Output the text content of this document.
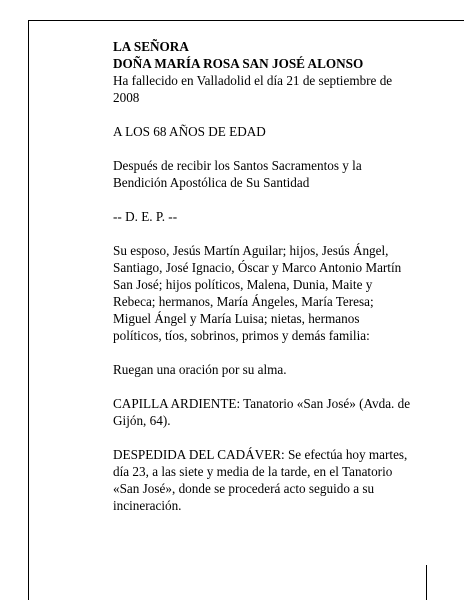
LA SEÑORA
DOÑA MARÍA ROSA SAN JOSÉ ALONSO
Ha fallecido en Valladolid el día 21 de septiembre de
2008
A LOS 68 AÑOS DE EDAD
Después de recibir los Santos Sacramentos y la
Bendición Apostólica de Su Santidad
-- D. E. P. --
Su esposo, Jesús Martín Aguilar; hijos, Jesús Ángel,
Santiago, José Ignacio, Óscar y Marco Antonio Martín
San José; hijos políticos, Malena, Dunia, Maite y
Rebeca; hermanos, María Ángeles, María Teresa;
Miguel Ángel y María Luisa; nietas, hermanos
políticos, tíos, sobrinos, primos y demás familia:
Ruegan una oración por su alma.
CAPILLA ARDIENTE: Tanatorio «San José» (Avda. de
Gijón, 64).
DESPEDIDA DEL CADÁVER: Se efectúa hoy martes,
día 23, a las siete y media de la tarde, en el Tanatorio
«San José», donde se procederá acto seguido a su
incineración.
